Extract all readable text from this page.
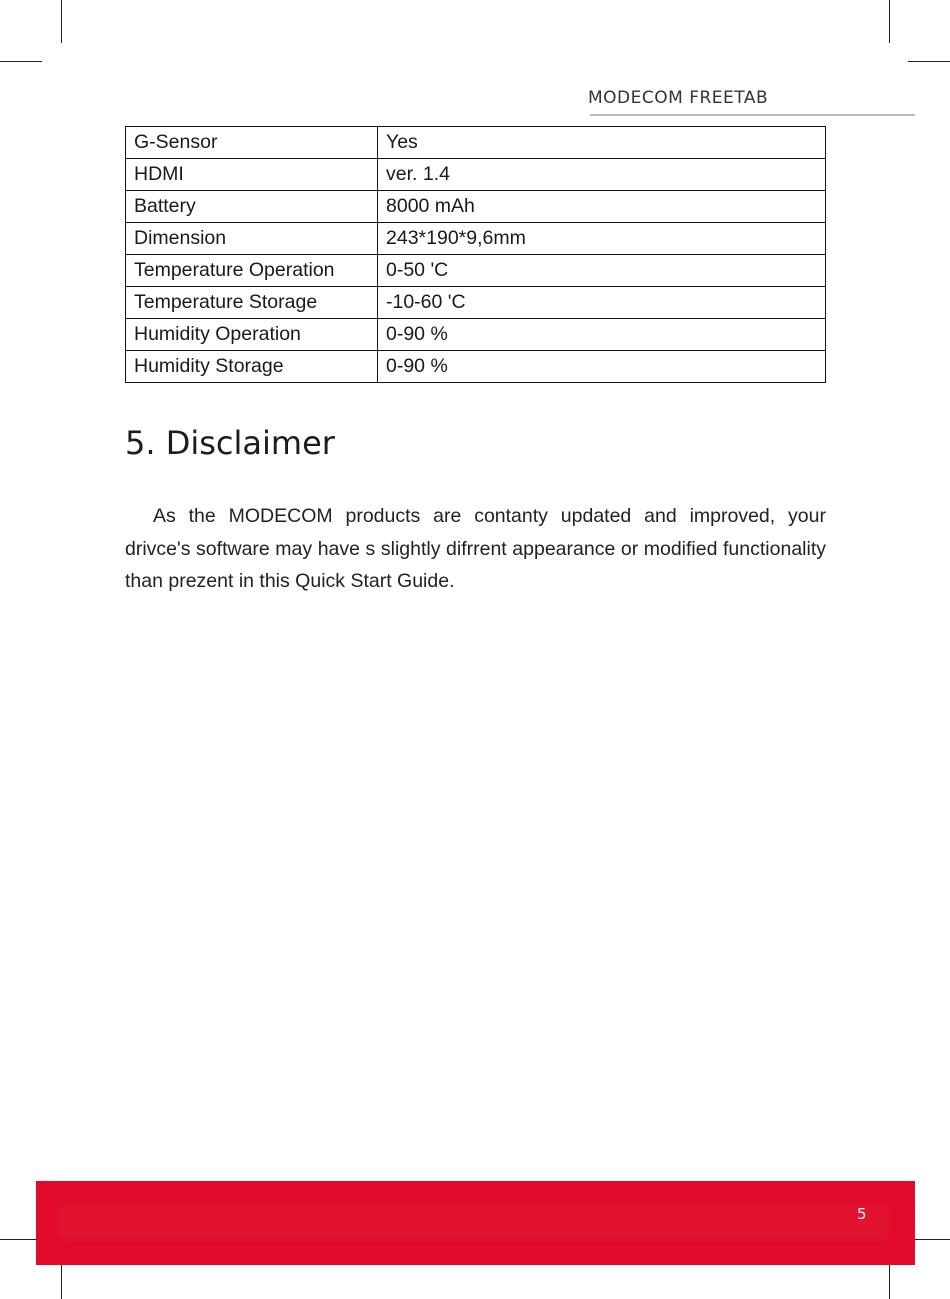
MODECOM FREETAB
G-Sensor	Yes
HDMI	ver. 1.4
Battery	8000 mAh
Dimension	243*190*9,6mm
Temperature Operation	0-50 'C
Temperature Storage	-10-60 'C
Humidity Operation	0-90 %
Humidity Storage	0-90 %
5. Disclaimer

As the MODECOM products are contanty updated and improved, your drivce's software may have s slightly difrrent appearance or modified functionality than prezent in this Quick Start Guide.

5
